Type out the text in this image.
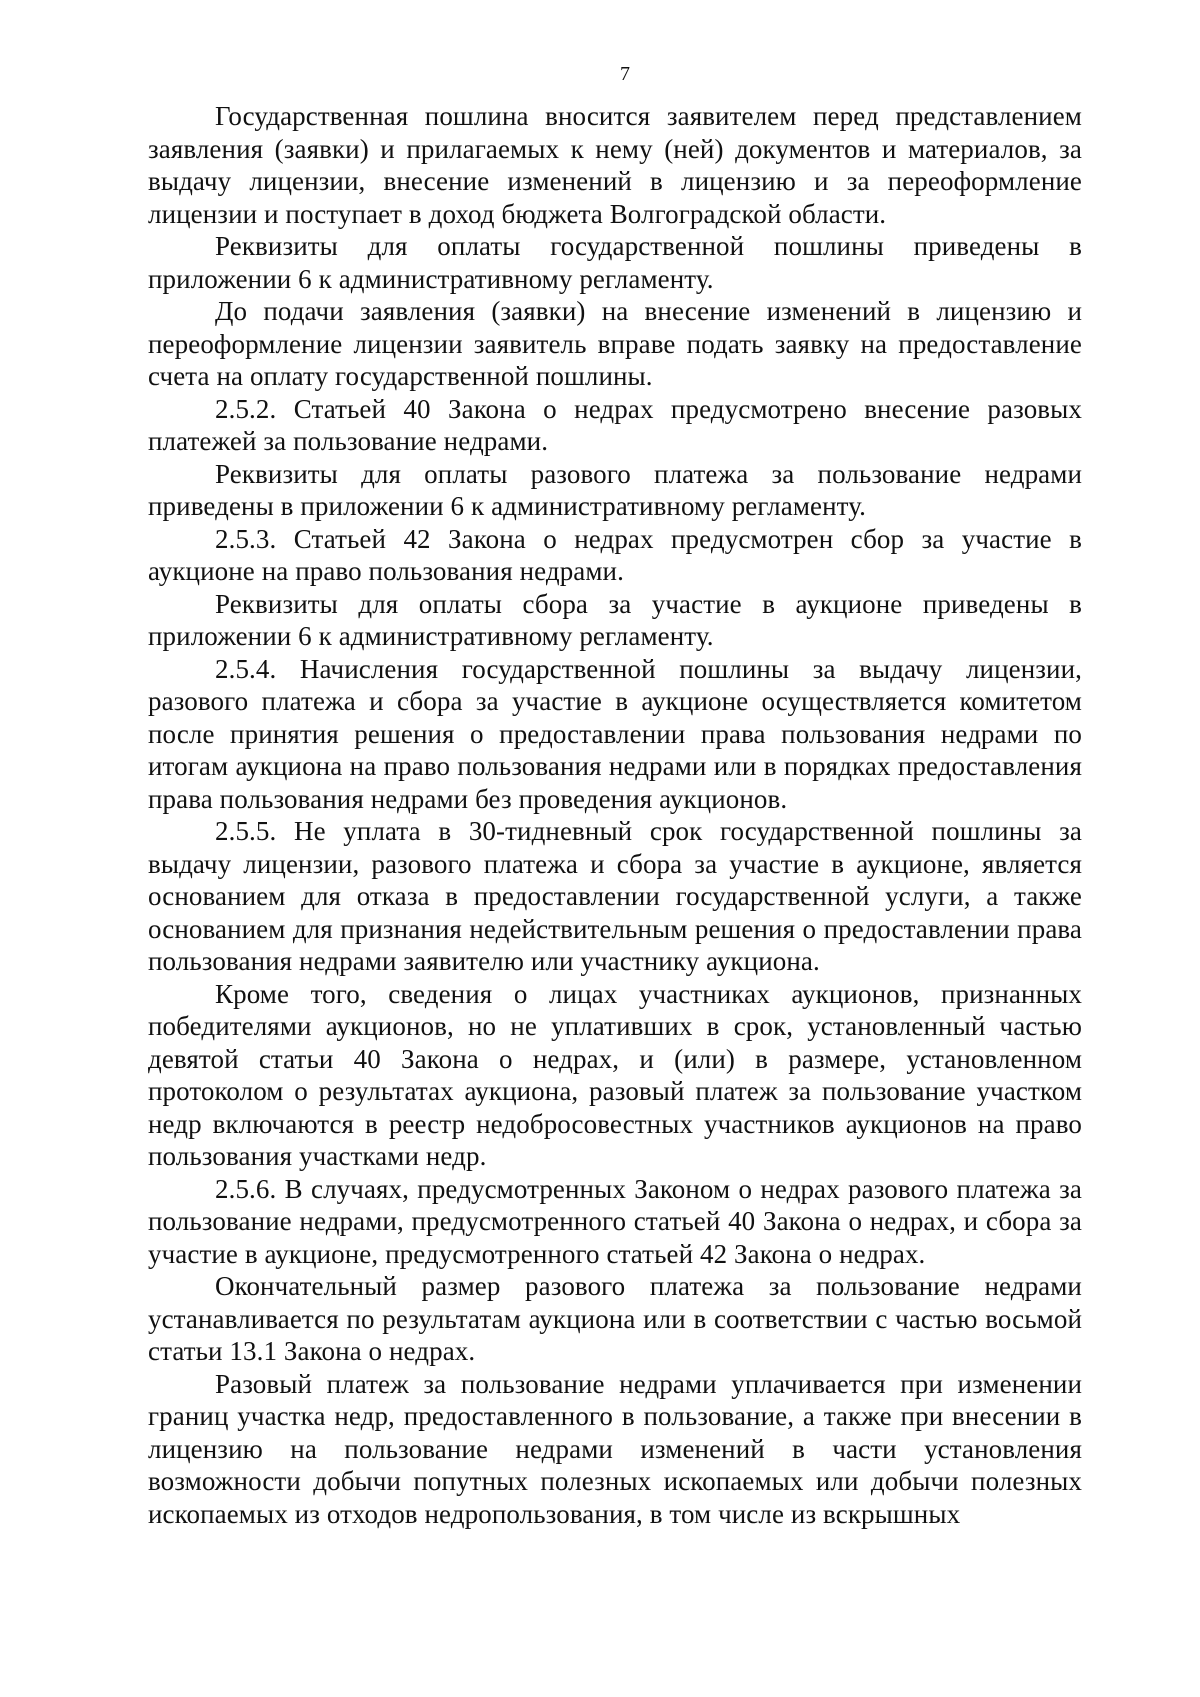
7

Государственная пошлина вносится заявителем перед представлением заявления (заявки) и прилагаемых к нему (ней) документов и материалов, за выдачу лицензии, внесение изменений в лицензию и за переоформление лицензии и поступает в доход бюджета Волгоградской области.

Реквизиты для оплаты государственной пошлины приведены в приложении 6 к административному регламенту.

До подачи заявления (заявки) на внесение изменений в лицензию и переоформление лицензии заявитель вправе подать заявку на предоставление счета на оплату государственной пошлины.

2.5.2. Статьей 40 Закона о недрах предусмотрено внесение разовых платежей за пользование недрами.

Реквизиты для оплаты разового платежа за пользование недрами приведены в приложении 6 к административному регламенту.

2.5.3. Статьей 42 Закона о недрах предусмотрен сбор за участие в аукционе на право пользования недрами.

Реквизиты для оплаты сбора за участие в аукционе приведены в приложении 6 к административному регламенту.

2.5.4. Начисления государственной пошлины за выдачу лицензии, разового платежа и сбора за участие в аукционе осуществляется комитетом после принятия решения о предоставлении права пользования недрами по итогам аукциона на право пользования недрами или в порядках предоставления права пользования недрами без проведения аукционов.

2.5.5. Не уплата в 30-тидневный срок государственной пошлины за выдачу лицензии, разового платежа и сбора за участие в аукционе, является основанием для отказа в предоставлении государственной услуги, а также основанием для признания недействительным решения о предоставлении права пользования недрами заявителю или участнику аукциона.

Кроме того, сведения о лицах участниках аукционов, признанных победителями аукционов, но не уплативших в срок, установленный частью девятой статьи 40 Закона о недрах, и (или) в размере, установленном протоколом о результатах аукциона, разовый платеж за пользование участком недр включаются в реестр недобросовестных участников аукционов на право пользования участками недр.

2.5.6. В случаях, предусмотренных Законом о недрах разового платежа за пользование недрами, предусмотренного статьей 40 Закона о недрах, и сбора за участие в аукционе, предусмотренного статьей 42 Закона о недрах.

Окончательный размер разового платежа за пользование недрами устанавливается по результатам аукциона или в соответствии с частью восьмой статьи 13.1 Закона о недрах.

Разовый платеж за пользование недрами уплачивается при изменении границ участка недр, предоставленного в пользование, а также при внесении в лицензию на пользование недрами изменений в части установления возможности добычи попутных полезных ископаемых или добычи полезных ископаемых из отходов недропользования, в том числе из вскрышных
